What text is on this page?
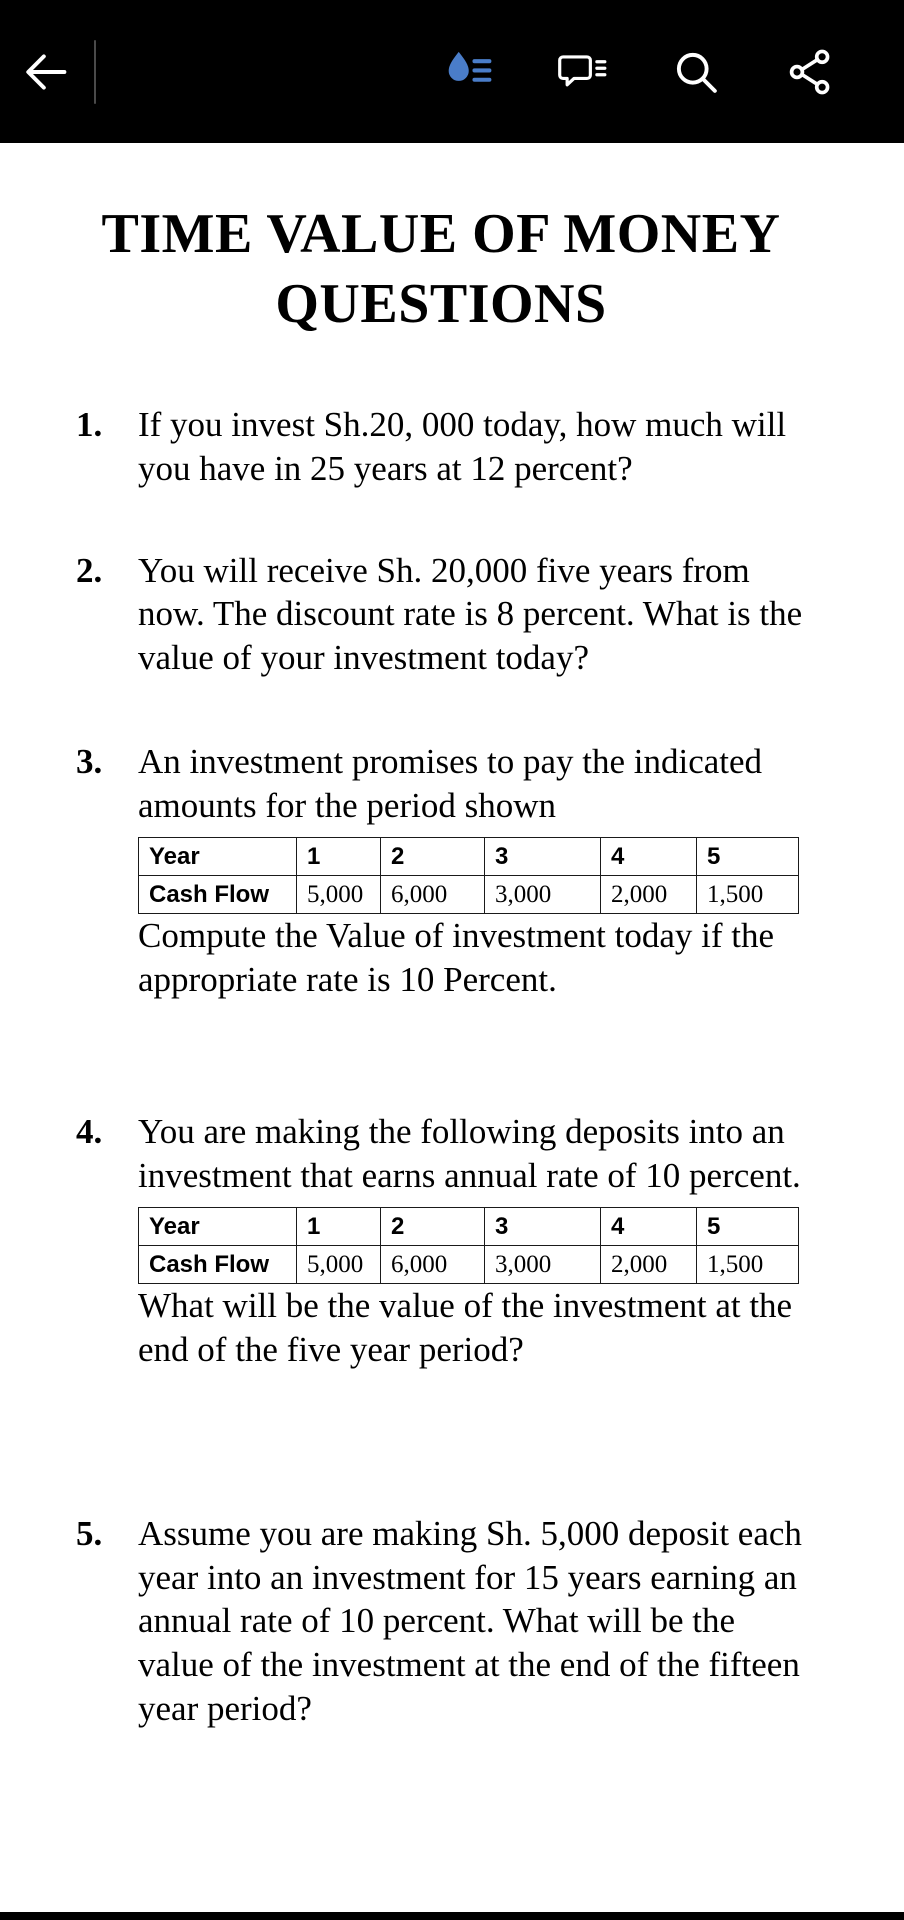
TIME VALUE OF MONEY
QUESTIONS
1.	If you invest Sh.20, 000 today, how much will you have in 25 years at 12 percent?

2.	You will receive Sh. 20,000 five years from now. The discount rate is 8 percent. What is the value of your investment today?

3.	An investment promises to pay the indicated amounts for the period shown

Year	1	2	3	4	5
Cash Flow	5,000	6,000	3,000	2,000	1,500

Compute the Value of investment today if the appropriate rate is 10 Percent.

4.	You are making the following deposits into an investment that earns annual rate of 10 percent.

Year	1	2	3	4	5
Cash Flow	5,000	6,000	3,000	2,000	1,500

What will be the value of the investment at the end of the five year period?

5.	Assume you are making Sh. 5,000 deposit each year into an investment for 15 years earning an annual rate of 10 percent. What will be the value of the investment at the end of the fifteen year period?
